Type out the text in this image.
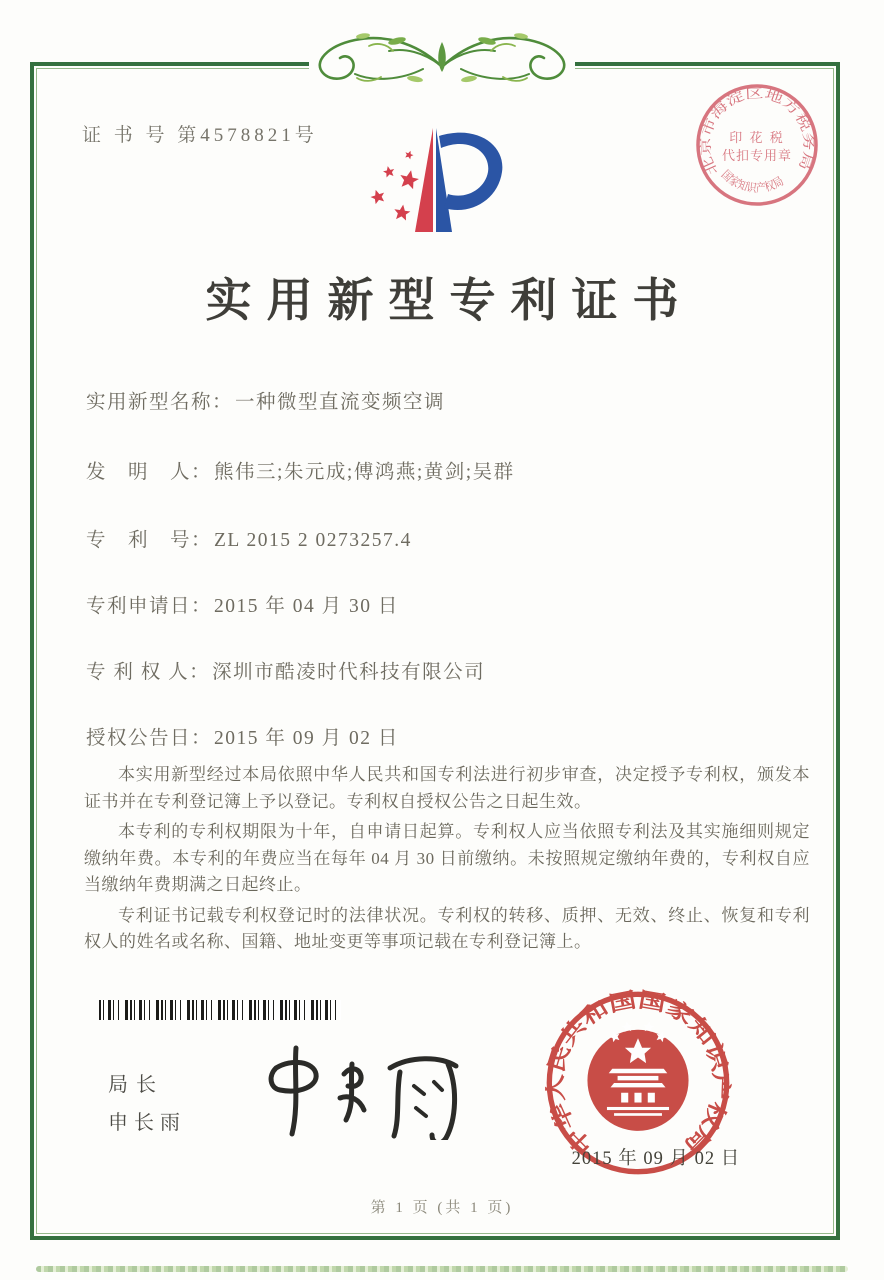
证 书 号 第4578821号
实用新型专利证书
实用新型名称： 一种微型直流变频空调
发　明　人： 熊伟三;朱元成;傅鸿燕;黄剑;吴群
专　利　号： ZL 2015 2 0273257.4
专利申请日： 2015 年 04 月 30 日
专 利 权 人： 深圳市酷凌时代科技有限公司
授权公告日： 2015 年 09 月 02 日

本实用新型经过本局依照中华人民共和国专利法进行初步审查，决定授予专利权，颁发本证书并在专利登记簿上予以登记。专利权自授权公告之日起生效。

本专利的专利权期限为十年，自申请日起算。专利权人应当依照专利法及其实施细则规定缴纳年费。本专利的年费应当在每年 04 月 30 日前缴纳。未按照规定缴纳年费的，专利权自应当缴纳年费期满之日起终止。

专利证书记载专利权登记时的法律状况。专利权的转移、质押、无效、终止、恢复和专利权人的姓名或名称、国籍、地址变更等事项记载在专利登记簿上。

局长
申长雨
中华人民共和国国家知识产权局
2015 年 09 月 02 日
北京市海淀区地方税务局
国家知识产权局
印 花 税
代扣专用章
第 1 页 (共 1 页)
